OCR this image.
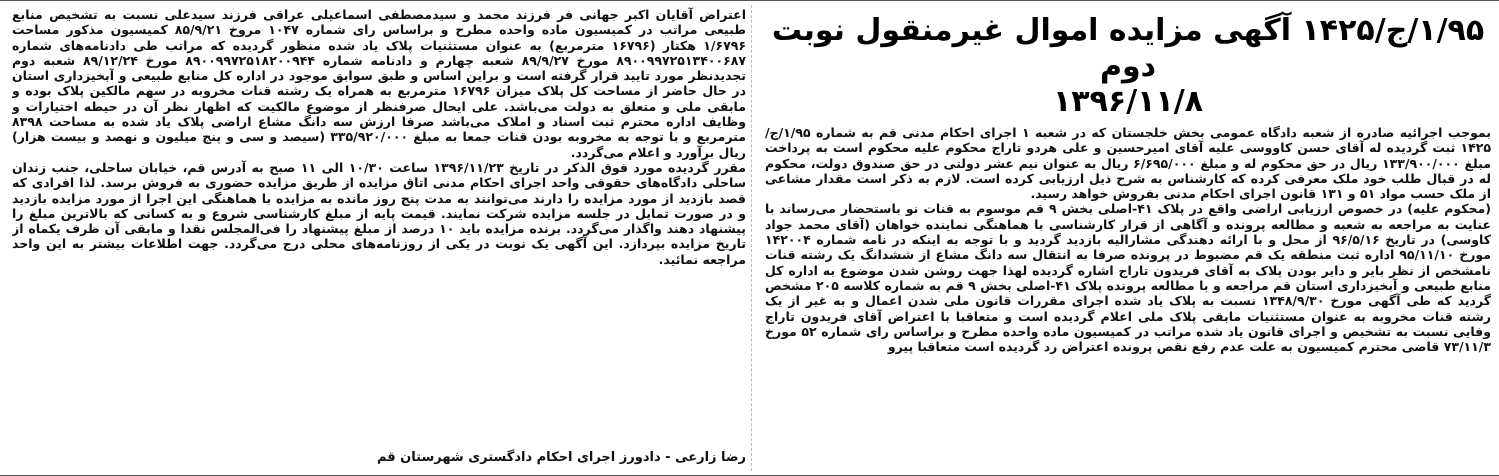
۱/۹۵/ج/۱۴۲۵ آگهی مزایده اموال غیرمنقول نوبت دوم
۱۳۹۶/۱۱/۸

بموجب اجرائیه صادره از شعبه دادگاه عمومی بخش خلجستان که در شعبه ۱ اجرای احکام مدنی قم به شماره ۱/۹۵/ج/۱۴۲۵ ثبت گردیده له آقای حسن کاووسی علیه آقای امیرحسین و علی هردو تاراج محکوم علیه محکوم است به پرداخت مبلغ ۱۳۳/۹۰۰/۰۰۰ ریال در حق محکوم له و مبلغ ۶/۶۹۵/۰۰۰ ریال به عنوان نیم عشر دولتی در حق صندوق دولت، محکوم له در قبال طلب خود ملک معرفی کرده که کارشناس به شرح ذیل ارزیابی کرده است. لازم به ذکر است مقدار مشاعی از ملک حسب مواد ۵۱ و ۱۳۱ قانون اجرای احکام مدنی بفروش خواهد رسید.

(محکوم علیه) در خصوص ارزیابی اراضی واقع در پلاک ۴۱-اصلی بخش ۹ قم موسوم به قنات نو باستحضار می‌رساند با عنایت به مراجعه به شعبه و مطالعه پرونده و آگاهی از قرار کارشناسی با هماهنگی نماینده خواهان (آقای محمد جواد کاوسی) در تاریخ ۹۶/۵/۱۶ از محل و با ارائه دهندگی مشارالیه بازدید گردید و با توجه به اینکه در نامه شماره ۱۴۲۰۰۴ مورخ ۹۵/۱۱/۱۰ اداره ثبت منطقه یک قم مضبوط در پرونده صرفا به انتقال سه دانگ مشاع از ششدانگ یک رشته قنات نامشخص از نظر بایر و دایر بودن پلاک به آقای فریدون تاراج اشاره گردیده لهذا جهت روشن شدن موضوع به اداره کل منابع طبیعی و آبخیزداری استان قم مراجعه و با مطالعه پرونده پلاک ۴۱-اصلی بخش ۹ قم به شماره کلاسه ۲۰۵ مشخص گردید که طی آگهی مورخ ۱۳۴۸/۹/۳۰ نسبت به پلاک یاد شده اجرای مقررات قانون ملی شدن اعمال و به غیر از یک رشته قنات مخروبه به عنوان مستثنیات مابقی پلاک ملی اعلام گردیده است و متعاقبا با اعتراض آقای فریدون تاراج وفایی نسبت به تشخیص و اجرای قانون یاد شده مراتب در کمیسیون ماده واحده مطرح و براساس رای شماره ۵۲ مورخ ۷۳/۱۱/۳ قاضی محترم کمیسیون به علت عدم رفع نقص پرونده اعتراض رد گردیده است متعاقبا پیرو

اعتراض آقایان اکبر جهانی فر فرزند محمد و سیدمصطفی اسماعیلی عراقی فرزند سیدعلی نسبت به تشخیص منابع طبیعی مراتب در کمیسیون ماده واحده مطرح و براساس رای شماره ۱۰۴۷ مروخ ۸۵/۹/۲۱ کمیسیون مذکور مساحت ۱/۶۷۹۶ هکتار (۱۶۷۹۶ مترمربع) به عنوان مستثنیات پلاک یاد شده منظور گردیده که مراتب طی دادنامه‌های شماره ۸۹۰۰۹۹۷۲۵۱۳۴۰۰۶۸۷ مورخ ۸۹/۹/۲۷ شعبه چهارم و دادنامه شماره ۸۹۰۰۹۹۷۲۵۱۸۲۰۰۹۴۴ مورخ ۸۹/۱۲/۲۴ شعبه دوم تجدیدنظر مورد تایید قرار گرفته است و براین اساس و طبق سوابق موجود در اداره کل منابع طبیعی و آبخیزداری استان در حال حاضر از مساحت کل پلاک میزان ۱۶۷۹۶ مترمربع به همراه یک رشته قنات مخروبه در سهم مالکین پلاک بوده و مابقی ملی و متعلق به دولت می‌باشد. علی ایحال صرفنظر از موضوع مالکیت که اظهار نظر آن در حیطه اختیارات و وظایف اداره محترم ثبت اسناد و املاک می‌باشد صرفا ارزش سه دانگ مشاع اراضی پلاک یاد شده به مساحت ۸۳۹۸ مترمربع و با توجه به مخروبه بودن قنات جمعا به مبلغ ۳۳۵/۹۲۰/۰۰۰ (سیصد و سی و پنج میلیون و نهصد و بیست هزار) ریال برآورد و اعلام می‌گردد.

مقرر گردیده مورد فوق الذکر در تاریخ ۱۳۹۶/۱۱/۲۳ ساعت ۱۰/۳۰ الی ۱۱ صبح به آدرس قم، خیابان ساحلی، جنب زندان ساحلی دادگاه‌های حقوقی واحد اجرای احکام مدنی اتاق مزایده از طریق مزایده حضوری به فروش برسد. لذا افرادی که قصد بازدید از مورد مزایده را دارند می‌توانند به مدت پنج روز مانده به مزایده با هماهنگی این اجرا از مورد مزایده بازدید و در صورت تمایل در جلسه مزایده شرکت نمایند. قیمت پایه از مبلغ کارشناسی شروع و به کسانی که بالاترین مبلغ را پیشنهاد دهند واگذار می‌گردد. برنده مزایده باید ۱۰ درصد از مبلغ پیشنهاد را فی‌المجلس نقدا و مابقی آن ظرف یکماه از تاریخ مزایده بپردازد. این آگهی یک نوبت در یکی از روزنامه‌های محلی درج می‌گردد. جهت اطلاعات بیشتر به این واحد مراجعه نمائید.

رضا زارعی - دادورز اجرای احکام دادگستری شهرستان قم
